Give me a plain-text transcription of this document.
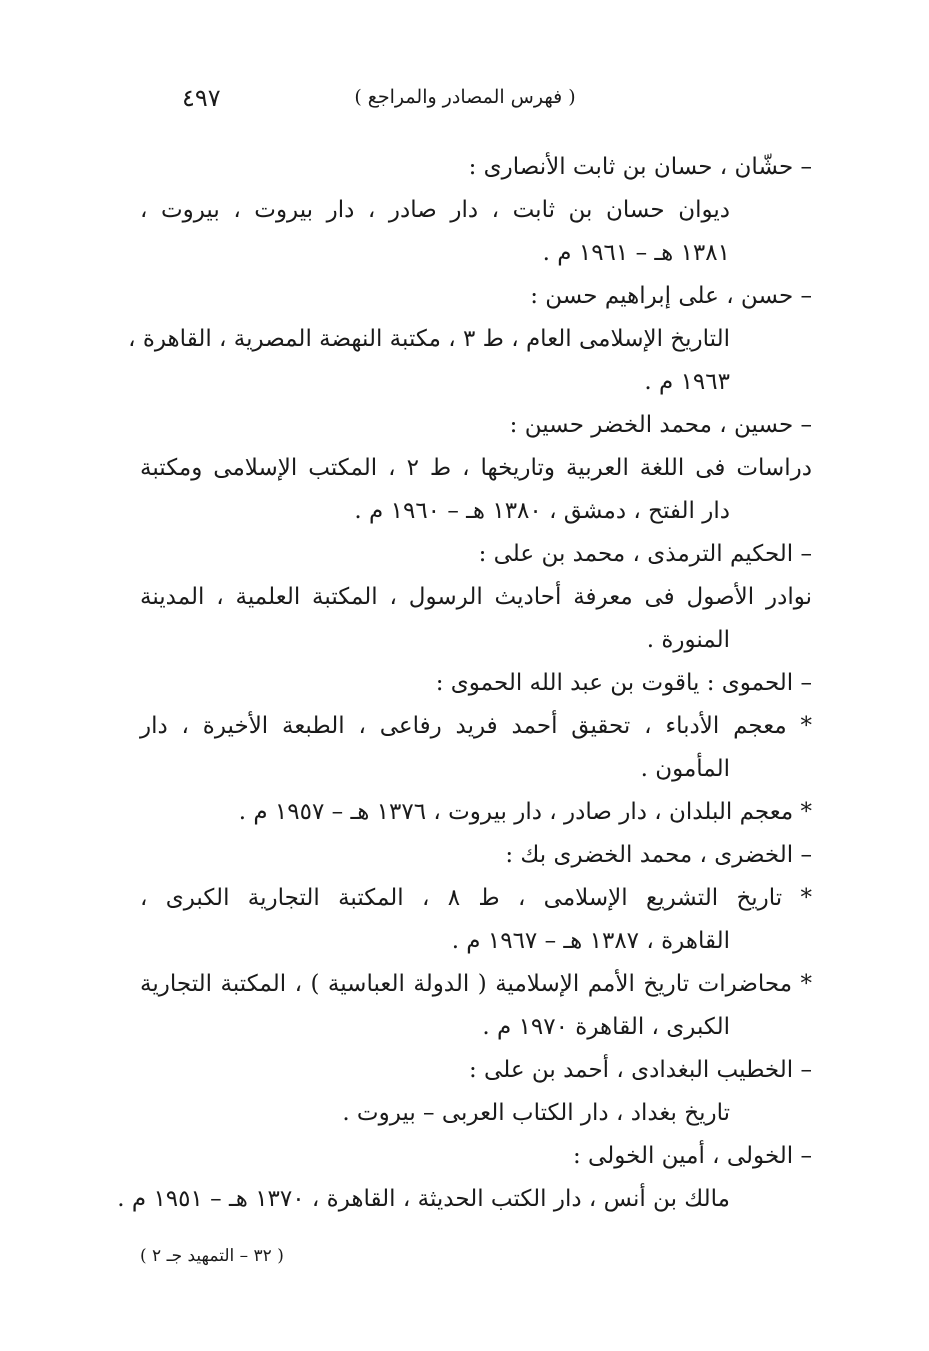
٤٩٧	( فهرس المصادر والمراجع )
– حشّان ، حسان بن ثابت الأنصارى :
ديوان حسان بن ثابت ، دار صادر ، دار بيروت ، بيروت ،
١٣٨١ هـ – ١٩٦١ م .
– حسن ، على إبراهيم حسن :
التاريخ الإسلامى العام ، ط ٣ ، مكتبة النهضة المصرية ، القاهرة ،
١٩٦٣ م .
– حسين ، محمد الخضر حسين :
دراسات فى اللغة العربية وتاريخها ، ط ٢ ، المكتب الإسلامى ومكتبة
دار الفتح ، دمشق ، ١٣٨٠ هـ – ١٩٦٠ م .
– الحكيم الترمذى ، محمد بن على :
نوادر الأصول فى معرفة أحاديث الرسول ، المكتبة العلمية ، المدينة
المنورة .
– الحموى : ياقوت بن عبد الله الحموى :
* معجم الأدباء ، تحقيق أحمد فريد رفاعى ، الطبعة الأخيرة ، دار
المأمون .
* معجم البلدان ، دار صادر ، دار بيروت ، ١٣٧٦ هـ – ١٩٥٧ م .
– الخضرى ، محمد الخضرى بك :
* تاريخ التشريع الإسلامى ، ط ٨ ، المكتبة التجارية الكبرى ،
القاهرة ، ١٣٨٧ هـ – ١٩٦٧ م .
* محاضرات تاريخ الأمم الإسلامية ( الدولة العباسية ) ، المكتبة التجارية
الكبرى ، القاهرة ١٩٧٠ م .
– الخطيب البغدادى ، أحمد بن على :
تاريخ بغداد ، دار الكتاب العربى – بيروت .
– الخولى ، أمين الخولى :
مالك بن أنس ، دار الكتب الحديثة ، القاهرة ، ١٣٧٠ هـ – ١٩٥١ م .
( ٣٢ – التمهيد جـ ٢ )
